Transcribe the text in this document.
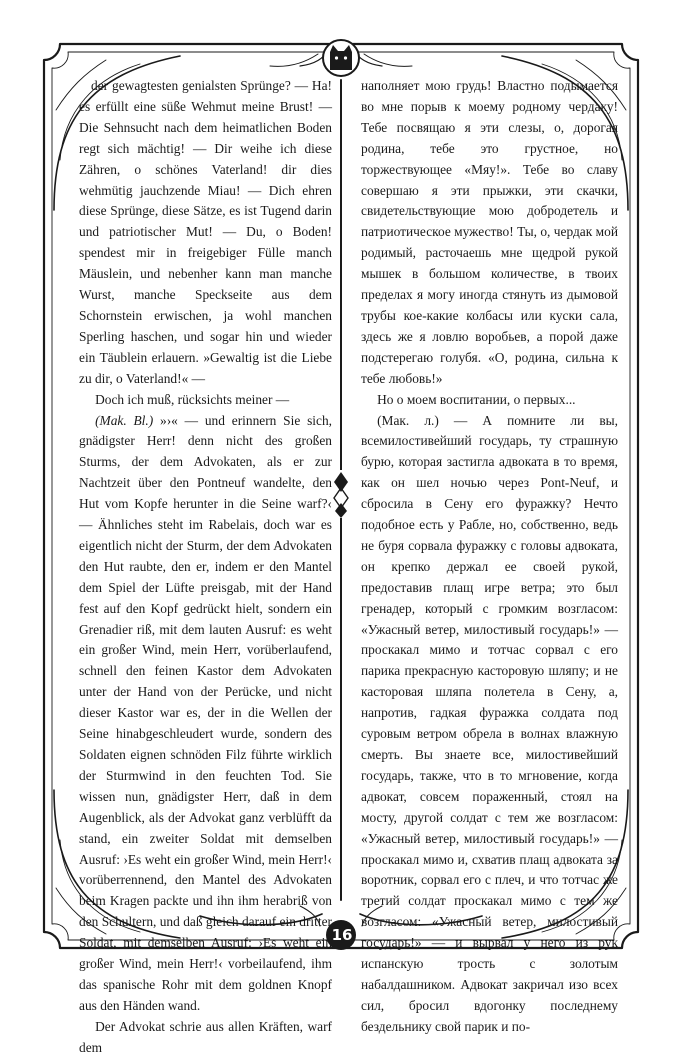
der gewagtesten genialsten Sprünge? — Ha! es erfüllt eine süße Wehmut meine Brust! — Die Sehnsucht nach dem heimatlichen Boden regt sich mächtig! — Dir weihe ich diese Zähren, o schönes Vaterland! dir dies wehmütig jauchzende Miau! — Dich ehren diese Sprünge, diese Sätze, es ist Tugend darin und patriotischer Mut! — Du, o Boden! spendest mir in freigebiger Fülle manch Mäuslein, und nebenher kann man manche Wurst, manche Speckseite aus dem Schornstein erwischen, ja wohl manchen Sperling haschen, und sogar hin und wieder ein Täublein erlauern. »Gewaltig ist die Liebe zu dir, o Vaterland!« —

Doch ich muß, rücksichts meiner —

(Mak. Bl.) »›« — und erinnern Sie sich, gnädigster Herr! denn nicht des großen Sturms, der dem Advokaten, als er zur Nachtzeit über den Pontneuf wandelte, den Hut vom Kopfe herunter in die Seine warf?‹ — Ähnliches steht im Rabelais, doch war es eigentlich nicht der Sturm, der dem Advokaten den Hut raubte, den er, indem er den Mantel dem Spiel der Lüfte preisgab, mit der Hand fest auf den Kopf gedrückt hielt, sondern ein Grenadier riß, mit dem lauten Ausruf: es weht ein großer Wind, mein Herr, vorüberlaufend, schnell den feinen Kastor dem Advokaten unter der Hand von der Perücke, und nicht dieser Kastor war es, der in die Wellen der Seine hinabgeschleudert wurde, sondern des Soldaten eignen schnöden Filz führte wirklich der Sturmwind in den feuchten Tod. Sie wissen nun, gnädigster Herr, daß in dem Augenblick, als der Advokat ganz verblüfft da stand, ein zweiter Soldat mit demselben Ausruf: ›Es weht ein großer Wind, mein Herr!‹ vorüberrennend, den Mantel des Advokaten beim Kragen packte und ihn ihm herabriß von den Schultern, und daß gleich darauf ein dritter Soldat, mit demselben Ausruf: ›Es weht ein großer Wind, mein Herr!‹ vorbeilaufend, ihm das spanische Rohr mit dem goldnen Knopf aus den Händen wand.

Der Advokat schrie aus allen Kräften, warf dem

наполняет мою грудь! Властно подымается во мне порыв к моему родному чердаку! Тебе посвящаю я эти слезы, о, дорогая родина, тебе это грустное, но торжествующее «Мяу!». Тебе во славу совершаю я эти прыжки, эти скачки, свидетельствующие мою добродетель и патриотическое мужество! Ты, о, чердак мой родимый, расточаешь мне щедрой рукой мышек в большом количестве, в твоих пределах я могу иногда стянуть из дымовой трубы кое-какие колбасы или куски сала, здесь же я ловлю воробьев, а порой даже подстерегаю голубя. «О, родина, сильна к тебе любовь!»

Но о моем воспитании, о первых...

(Мак. л.) — А помните ли вы, всемилостивейший государь, ту страшную бурю, которая застигла адвоката в то время, как он шел ночью через Pont-Neuf, и сбросила в Сену его фуражку? Нечто подобное есть у Рабле, но, собственно, ведь не буря сорвала фуражку с головы адвоката, он крепко держал ее своей рукой, предоставив плащ игре ветра; это был гренадер, который с громким возгласом: «Ужасный ветер, милостивый государь!» — проскакал мимо и тотчас сорвал с его парика прекрасную касторовую шляпу; и не касторовая шляпа полетела в Сену, а, напротив, гадкая фуражка солдата под суровым ветром обрела в волнах влажную смерть. Вы знаете все, милостивейший государь, также, что в то мгновение, когда адвокат, совсем пораженный, стоял на мосту, другой солдат с тем же возгласом: «Ужасный ветер, милостивый государь!» — проскакал мимо и, схватив плащ адвоката за воротник, сорвал его с плеч, и что тотчас же третий солдат проскакал мимо с тем же возгласом: «Ужасный ветер, милостивый государь!» — и вырвал у него из рук испанскую трость с золотым набалдашником. Адвокат закричал изо всех сил, бросил вдогонку последнему бездельнику свой парик и по-

16
